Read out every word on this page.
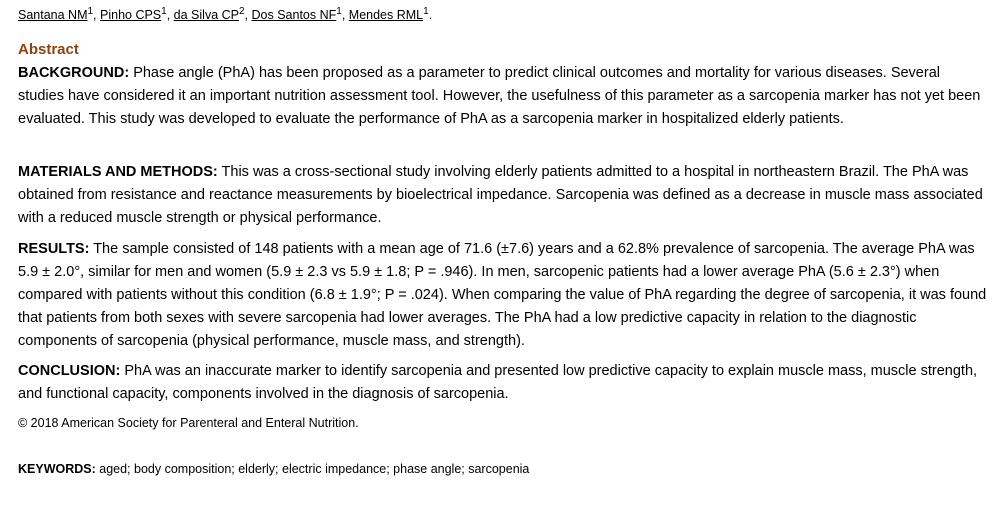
Santana $NM^1$, Pinho CPS$^1$, da Silva $CP^2$, Dos Santos $NF^1$, Mendes RML$^1$.
Abstract

BACKGROUND: Phase angle (PhA) has been proposed as a parameter to predict clinical outcomes and mortality for various diseases. Several studies have considered it an important nutrition assessment tool. However, the usefulness of this parameter as a sarcopenia marker has not yet been evaluated. This study was developed to evaluate the performance of PhA as a sarcopenia marker in hospitalized elderly patients.

MATERIALS AND METHODS: This was a cross-sectional study involving elderly patients admitted to a hospital in northeastern Brazil. The PhA was obtained from resistance and reactance measurements by bioelectrical impedance. Sarcopenia was defined as a decrease in muscle mass associated with a reduced muscle strength or physical performance.

RESULTS: The sample consisted of 148 patients with a mean age of 71.6 (±7.6) years and a 62.8% prevalence of sarcopenia. The average PhA was 5.9 ± 2.0°, similar for men and women (5.9 ± 2.3 vs 5.9 ± 1.8; P = .946). In men, sarcopenic patients had a lower average PhA (5.6 ± 2.3°) when compared with patients without this condition (6.8 ± 1.9°; P = .024). When comparing the value of PhA regarding the degree of sarcopenia, it was found that patients from both sexes with severe sarcopenia had lower averages. The PhA had a low predictive capacity in relation to the diagnostic components of sarcopenia (physical performance, muscle mass, and strength).

CONCLUSION: PhA was an inaccurate marker to identify sarcopenia and presented low predictive capacity to explain muscle mass, muscle strength, and functional capacity, components involved in the diagnosis of sarcopenia.

© 2018 American Society for Parenteral and Enteral Nutrition.
KEYWORDS: aged; body composition; elderly; electric impedance; phase angle; sarcopenia
